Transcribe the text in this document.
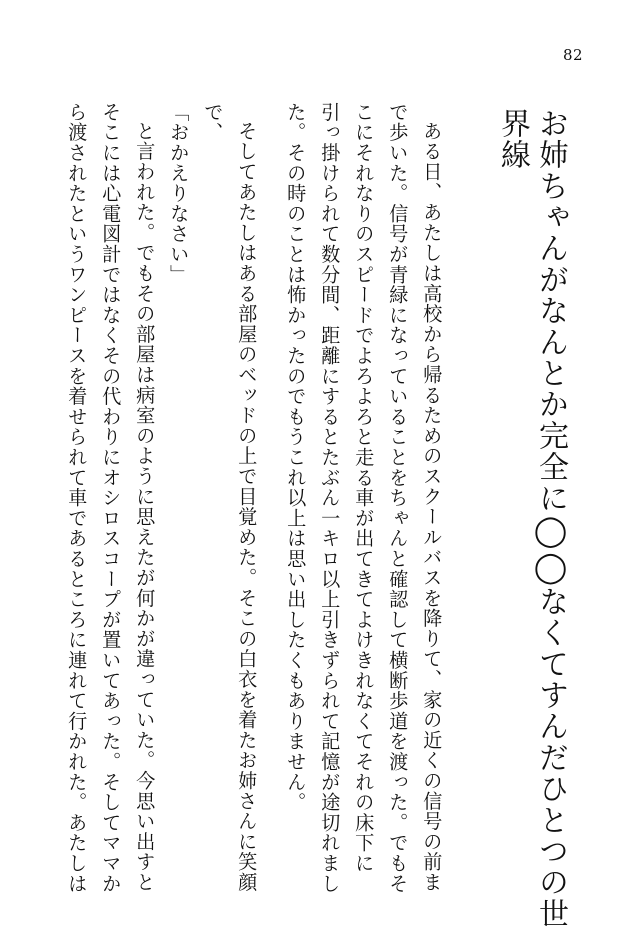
82
お姉ちゃんがなんとか完全に◯◯なくてすんだひとつの世
界線
ある日、あたしは高校から帰るためのスクールバスを降りて、家の近くの信号の前ま
で歩いた。信号が青緑になっていることをちゃんと確認して横断歩道を渡った。でもそ
こにそれなりのスピードでよろよろと走る車が出てきてよけきれなくてそれの床下に
引っ掛けられて数分間、距離にするとたぶん一キロ以上引きずられて記憶が途切れまし
た。その時のことは怖かったのでもうこれ以上は思い出したくもありません。
そしてあたしはある部屋のベッドの上で目覚めた。そこの白衣を着たお姉さんに笑顔
で、
「おかえりなさい」
と言われた。でもその部屋は病室のように思えたが何かが違っていた。今思い出すと
そこには心電図計ではなくその代わりにオシロスコープが置いてあった。そしてママか
ら渡されたというワンピースを着せられて車であるところに連れて行かれた。あたしは
